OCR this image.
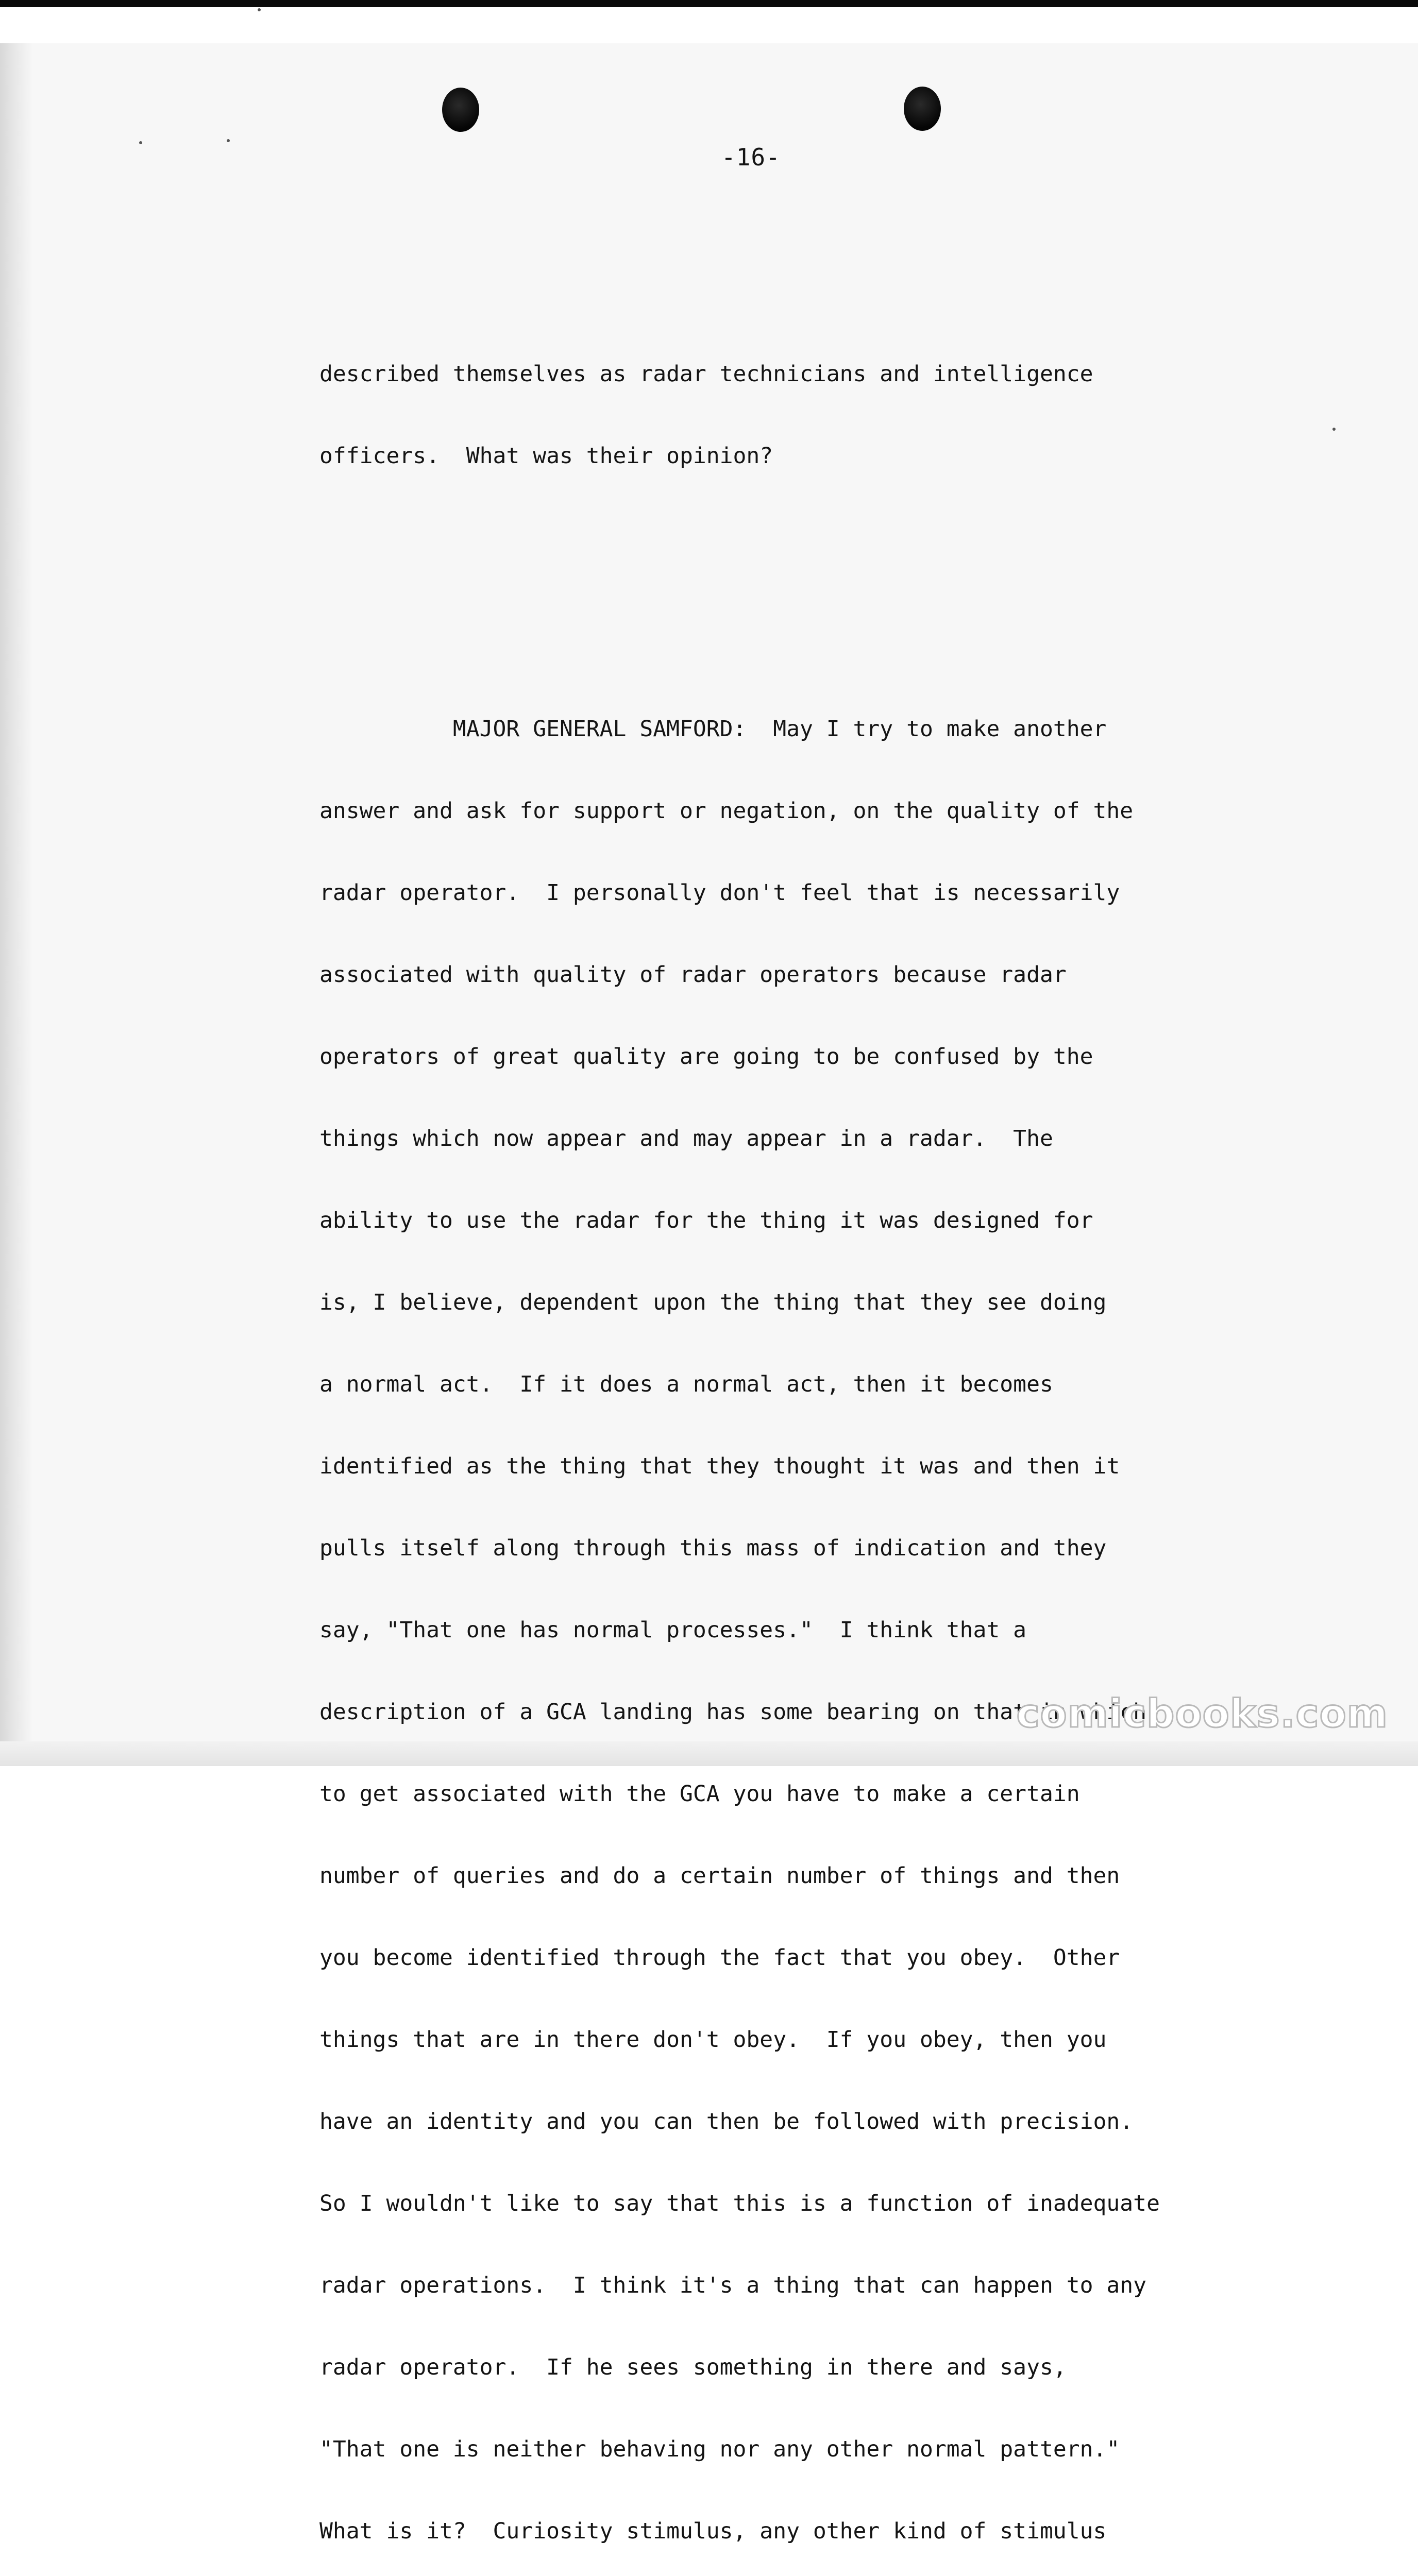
-16-

described themselves as radar technicians and intelligence

officers.  What was their opinion?

MAJOR GENERAL SAMFORD:  May I try to make another

answer and ask for support or negation, on the quality of the

radar operator.  I personally don't feel that is necessarily

associated with quality of radar operators because radar

operators of great quality are going to be confused by the

things which now appear and may appear in a radar.  The

ability to use the radar for the thing it was designed for

is, I believe, dependent upon the thing that they see doing

a normal act.  If it does a normal act, then it becomes

identified as the thing that they thought it was and then it

pulls itself along through this mass of indication and they

say, "That one has normal processes."  I think that a

description of a GCA landing has some bearing on that in which

to get associated with the GCA you have to make a certain

number of queries and do a certain number of things and then

you become identified through the fact that you obey.  Other

things that are in there don't obey.  If you obey, then you

have an identity and you can then be followed with precision.

So I wouldn't like to say that this is a function of inadequate

radar operations.  I think it's a thing that can happen to any

radar operator.  If he sees something in there and says,

"That one is neither behaving nor any other normal pattern."

What is it?  Curiosity stimulus, any other kind of stimulus

comicbooks.com
